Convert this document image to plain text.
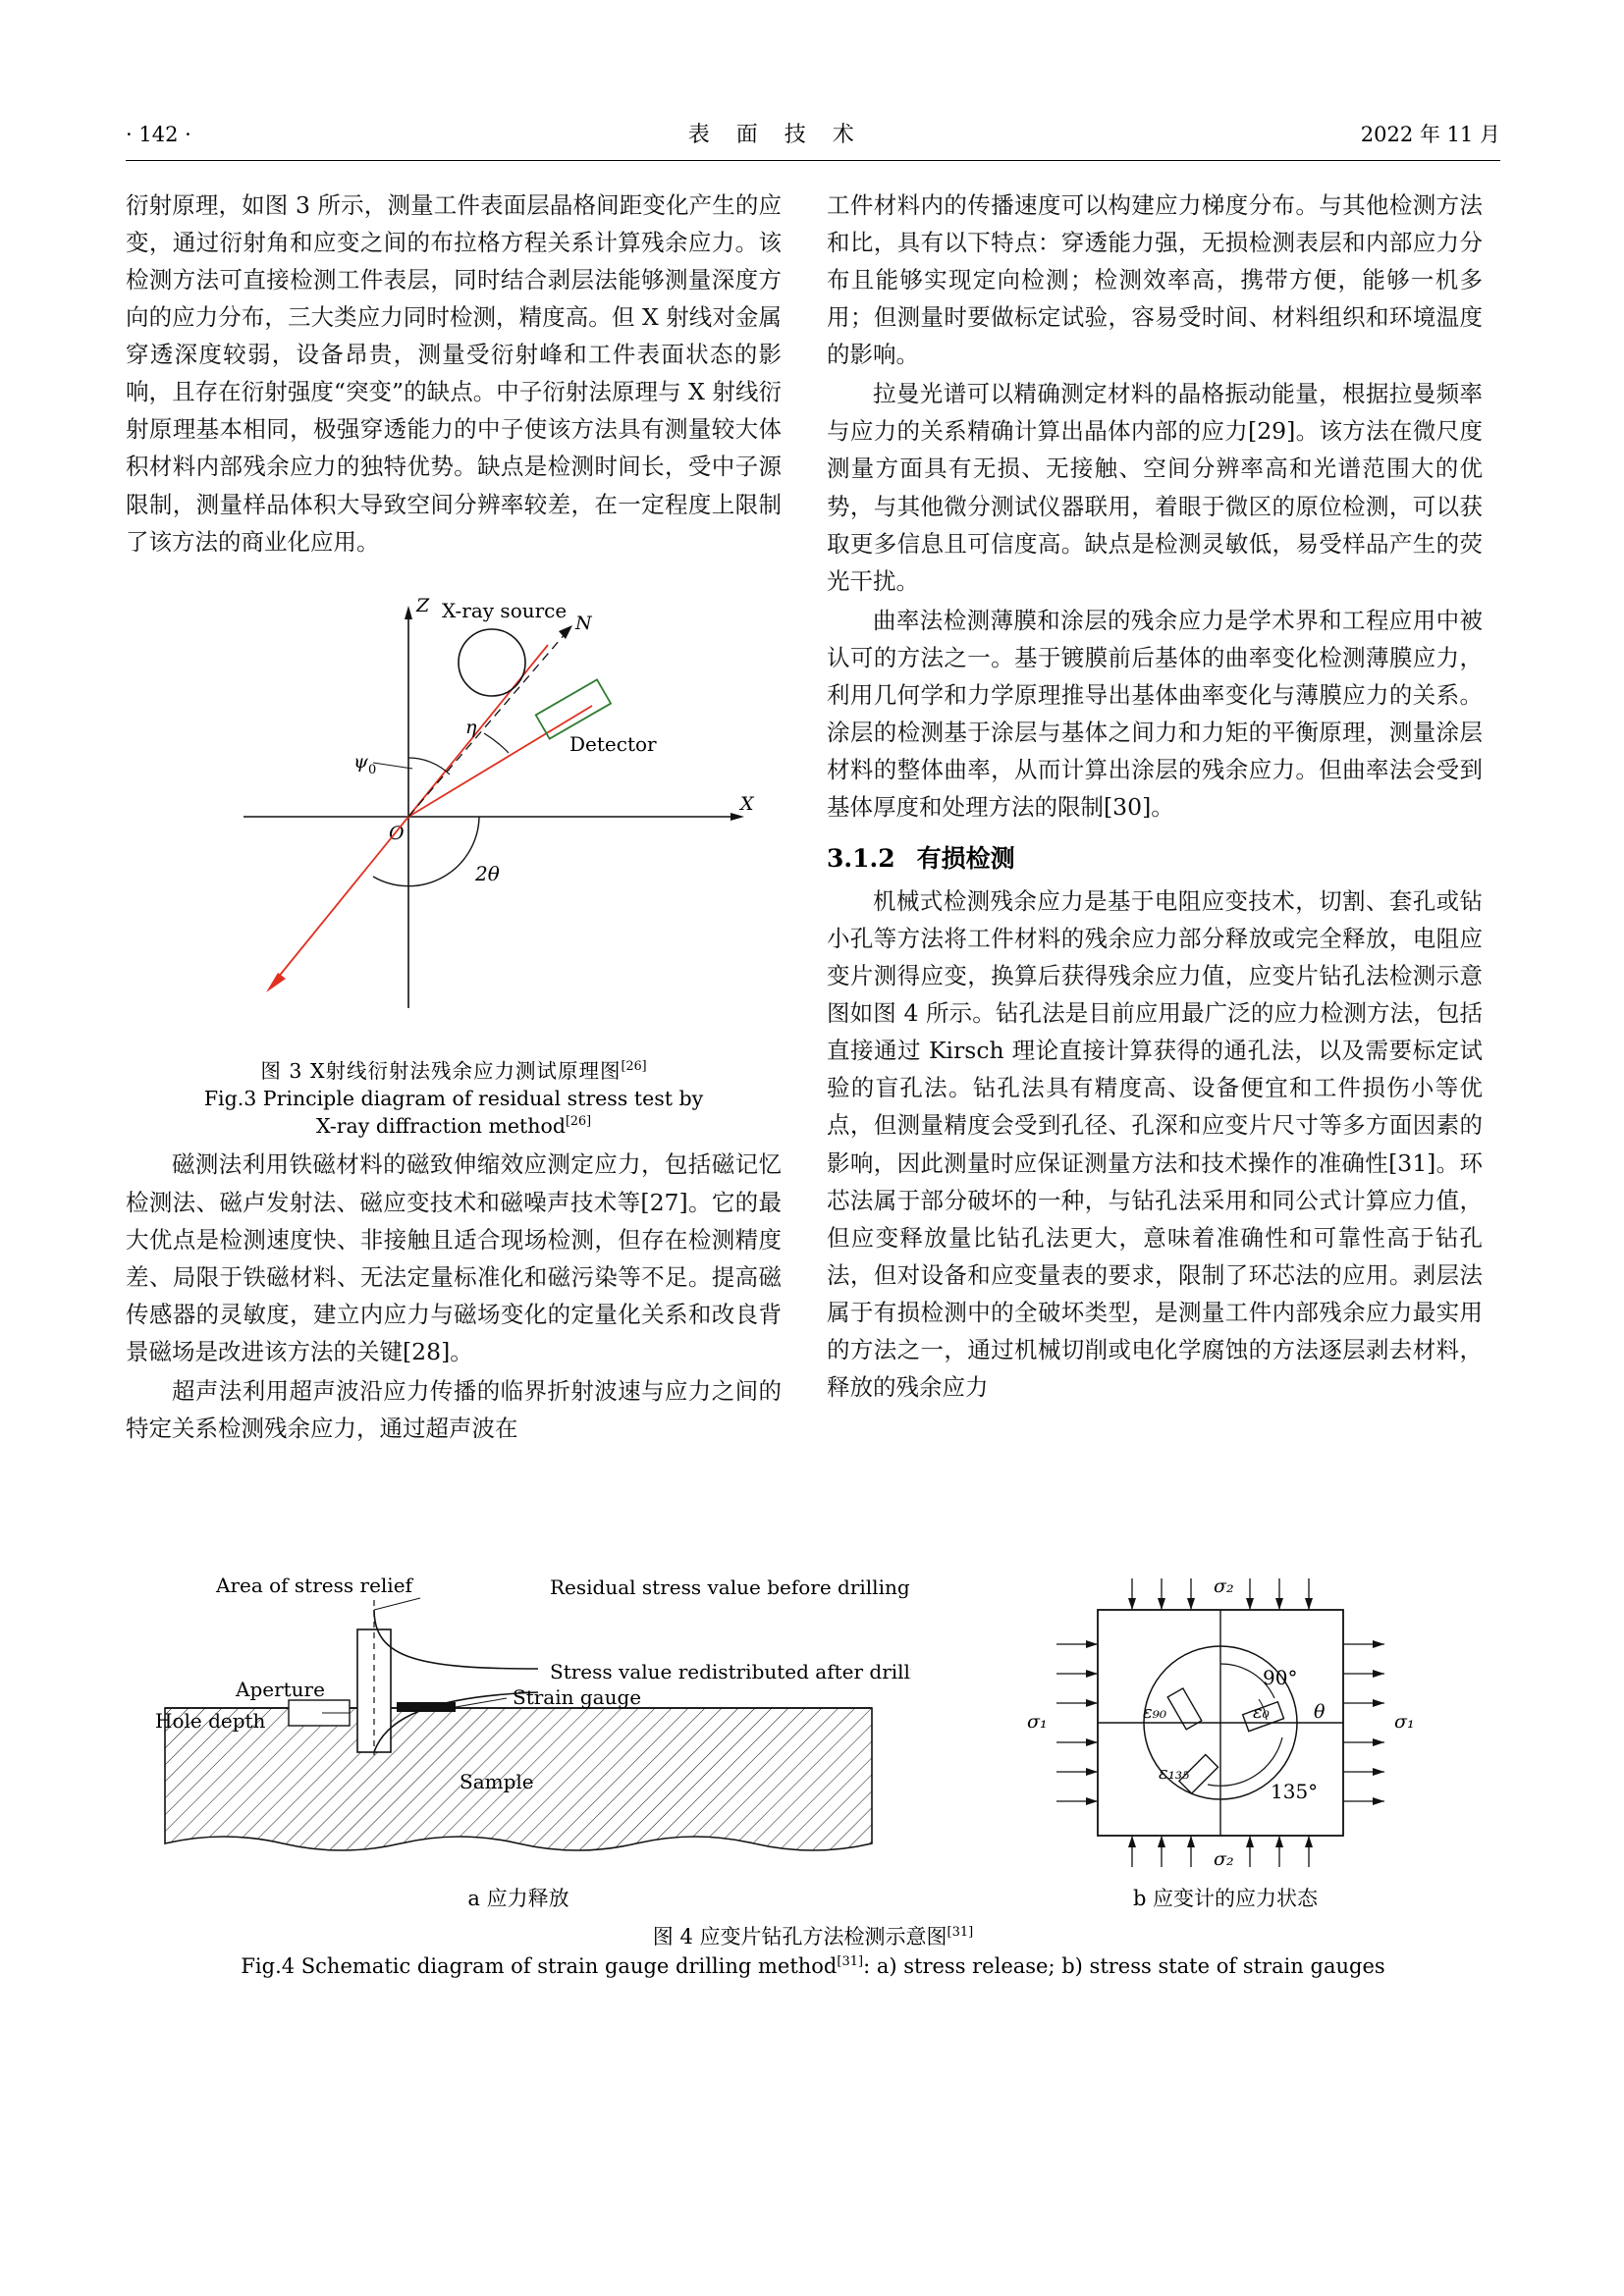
· 142 ·	表 面 技 术	2022 年 11 月

衍射原理，如图 3 所示，测量工件表面层晶格间距变化产生的应变，通过衍射角和应变之间的布拉格方程关系计算残余应力。该检测方法可直接检测工件表层，同时结合剥层法能够测量深度方向的应力分布，三大类应力同时检测，精度高。但 X 射线对金属穿透深度较弱，设备昂贵，测量受衍射峰和工件表面状态的影响，且存在衍射强度“突变”的缺点。中子衍射法原理与 X 射线衍射原理基本相同，极强穿透能力的中子使该方法具有测量较大体积材料内部残余应力的独特优势。缺点是检测时间长，受中子源限制，测量样品体积大导致空间分辨率较差，在一定程度上限制了该方法的商业化应用。

Z
X
O
N
X-ray source
Detector
ψ 0
η
2θ
图 3 X射线衍射法残余应力测试原理图[26]
Fig.3 Principle diagram of residual stress test by
X-ray diffraction method[26]

磁测法利用铁磁材料的磁致伸缩效应测定应力，包括磁记忆检测法、磁卢发射法、磁应变技术和磁噪声技术等[27]。它的最大优点是检测速度快、非接触且适合现场检测，但存在检测精度差、局限于铁磁材料、无法定量标准化和磁污染等不足。提高磁传感器的灵敏度，建立内应力与磁场变化的定量化关系和改良背景磁场是改进该方法的关键[28]。

超声法利用超声波沿应力传播的临界折射波速与应力之间的特定关系检测残余应力，通过超声波在

工件材料内的传播速度可以构建应力梯度分布。与其他检测方法和比，具有以下特点：穿透能力强，无损检测表层和内部应力分布且能够实现定向检测；检测效率高，携带方便，能够一机多用；但测量时要做标定试验，容易受时间、材料组织和环境温度的影响。

拉曼光谱可以精确测定材料的晶格振动能量，根据拉曼频率与应力的关系精确计算出晶体内部的应力[29]。该方法在微尺度测量方面具有无损、无接触、空间分辨率高和光谱范围大的优势，与其他微分测试仪器联用，着眼于微区的原位检测，可以获取更多信息且可信度高。缺点是检测灵敏低，易受样品产生的荧光干扰。

曲率法检测薄膜和涂层的残余应力是学术界和工程应用中被认可的方法之一。基于镀膜前后基体的曲率变化检测薄膜应力，利用几何学和力学原理推导出基体曲率变化与薄膜应力的关系。涂层的检测基于涂层与基体之间力和力矩的平衡原理，测量涂层材料的整体曲率，从而计算出涂层的残余应力。但曲率法会受到基体厚度和处理方法的限制[30]。

3.1.2 有损检测

机械式检测残余应力是基于电阻应变技术，切割、套孔或钻小孔等方法将工件材料的残余应力部分释放或完全释放，电阻应变片测得应变，换算后获得残余应力值，应变片钻孔法检测示意图如图 4 所示。钻孔法是目前应用最广泛的应力检测方法，包括直接通过 Kirsch 理论直接计算获得的通孔法，以及需要标定试验的盲孔法。钻孔法具有精度高、设备便宜和工件损伤小等优点，但测量精度会受到孔径、孔深和应变片尺寸等多方面因素的影响，因此测量时应保证测量方法和技术操作的准确性[31]。环芯法属于部分破坏的一种，与钻孔法采用和同公式计算应力值，但应变释放量比钻孔法更大，意味着准确性和可靠性高于钻孔法，但对设备和应变量表的要求，限制了环芯法的应用。剥层法属于有损检测中的全破坏类型，是测量工件内部残余应力最实用的方法之一，通过机械切削或电化学腐蚀的方法逐层剥去材料，释放的残余应力

Area of stress relief	Residual stress value before drilling
Stress value redistributed after drilling
Aperture
Hole depth
Strain gauge
Sample
a 应力释放
σ₂
σ₂
σ₁	σ₁
90°
135°
ε₀
ε₉₀
ε₁₃₅
θ
b 应变计的应力状态
图 4 应变片钻孔方法检测示意图[31]
Fig.4 Schematic diagram of strain gauge drilling method[31]: a) stress release; b) stress state of strain gauges
